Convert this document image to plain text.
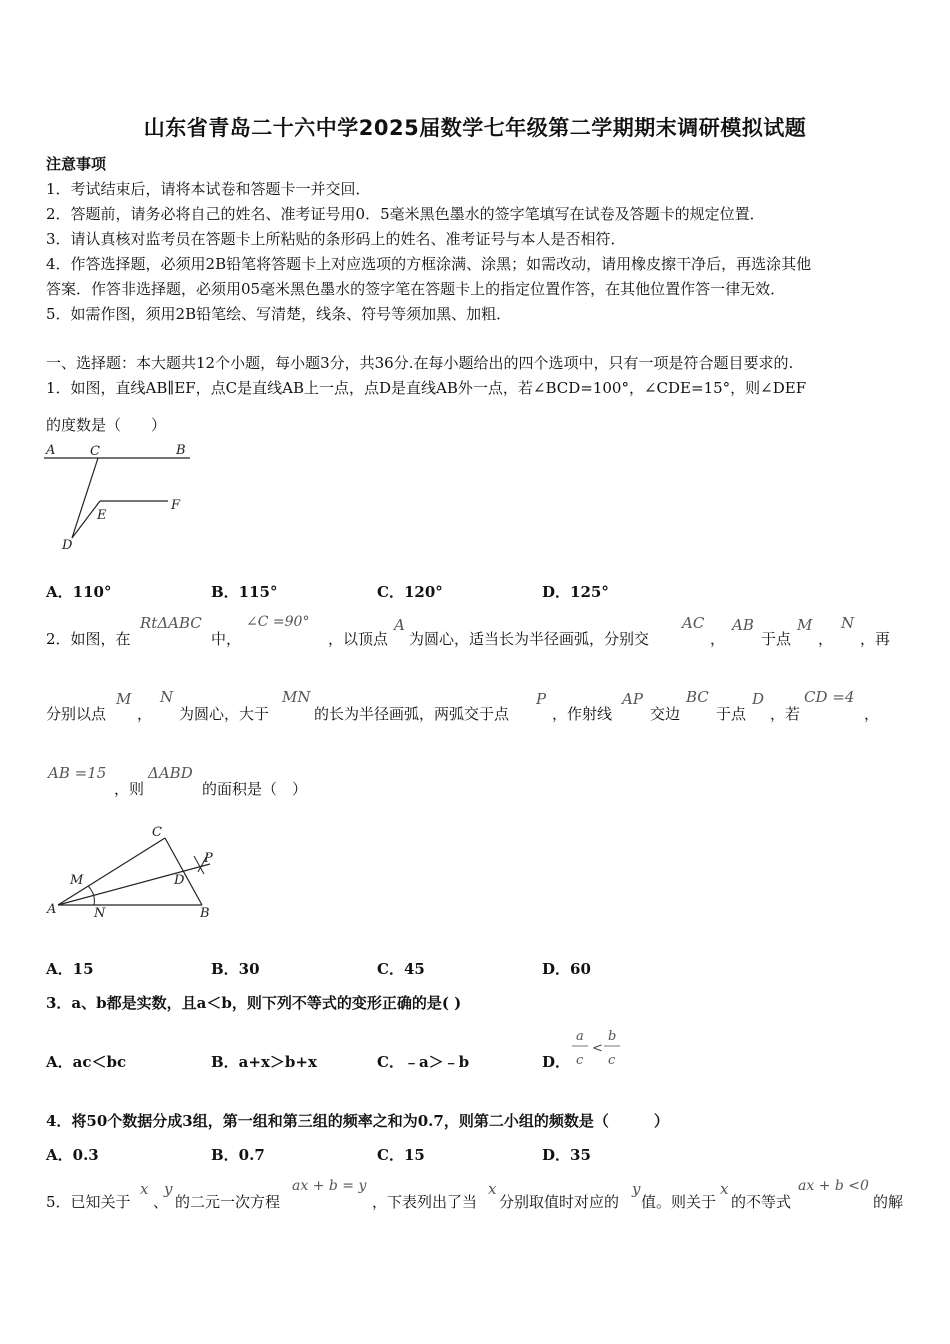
山东省青岛二十六中学2025届数学七年级第二学期期末调研模拟试题
注意事项
1．考试结束后，请将本试卷和答题卡一并交回．
2．答题前，请务必将自己的姓名、准考证号用0．5毫米黑色墨水的签字笔填写在试卷及答题卡的规定位置．
3．请认真核对监考员在答题卡上所粘贴的条形码上的姓名、准考证号与本人是否相符．
4．作答选择题，必须用2B铅笔将答题卡上对应选项的方框涂满、涂黑；如需改动，请用橡皮擦干净后，再选涂其他
答案．作答非选择题，必须用05毫米黑色墨水的签字笔在答题卡上的指定位置作答，在其他位置作答一律无效．
5．如需作图，须用2B铅笔绘、写清楚，线条、符号等须加黑、加粗．
一、选择题：本大题共12个小题，每小题3分，共36分.在每小题给出的四个选项中，只有一项是符合题目要求的.
1．如图，直线AB∥EF，点C是直线AB上一点，点D是直线AB外一点，若∠BCD=100°，∠CDE=15°，则∠DEF
的度数是（　　）
A	C	B
E
F
D
A．110°	B．115°	C．120°	D．125°
2．如图，在
RtΔABC
中，
∠C =90°
，以顶点
A
为圆心，适当长为半径画弧，分别交
AC
，
AB
于点
M
，
N
，再
分别以点
M
，
N
为圆心，大于
MN
的长为半径画弧，两弧交于点
P
，作射线
AP
交边
BC
于点
D
，若
CD =4
，
AB =15
，则
ΔABD
的面积是（　）
A	B
C
D
M
N
P
A．15	B．30	C．45	D．60
3．a、b都是实数，且a＜b，则下列不等式的变形正确的是( )
A．ac＜bc	B．a+x＞b+x	C．﹣a＞﹣b	D．
a
c
<
b
c
4．将50个数据分成3组，第一组和第三组的频率之和为0.7，则第二小组的频数是（　　　）
A．0.3	B．0.7	C．15	D．35
5．已知关于
x
、
y
的二元一次方程
ax + b = y
，下表列出了当
x
分别取值时对应的
y
值。则关于
x
的不等式
ax + b <0
的解
